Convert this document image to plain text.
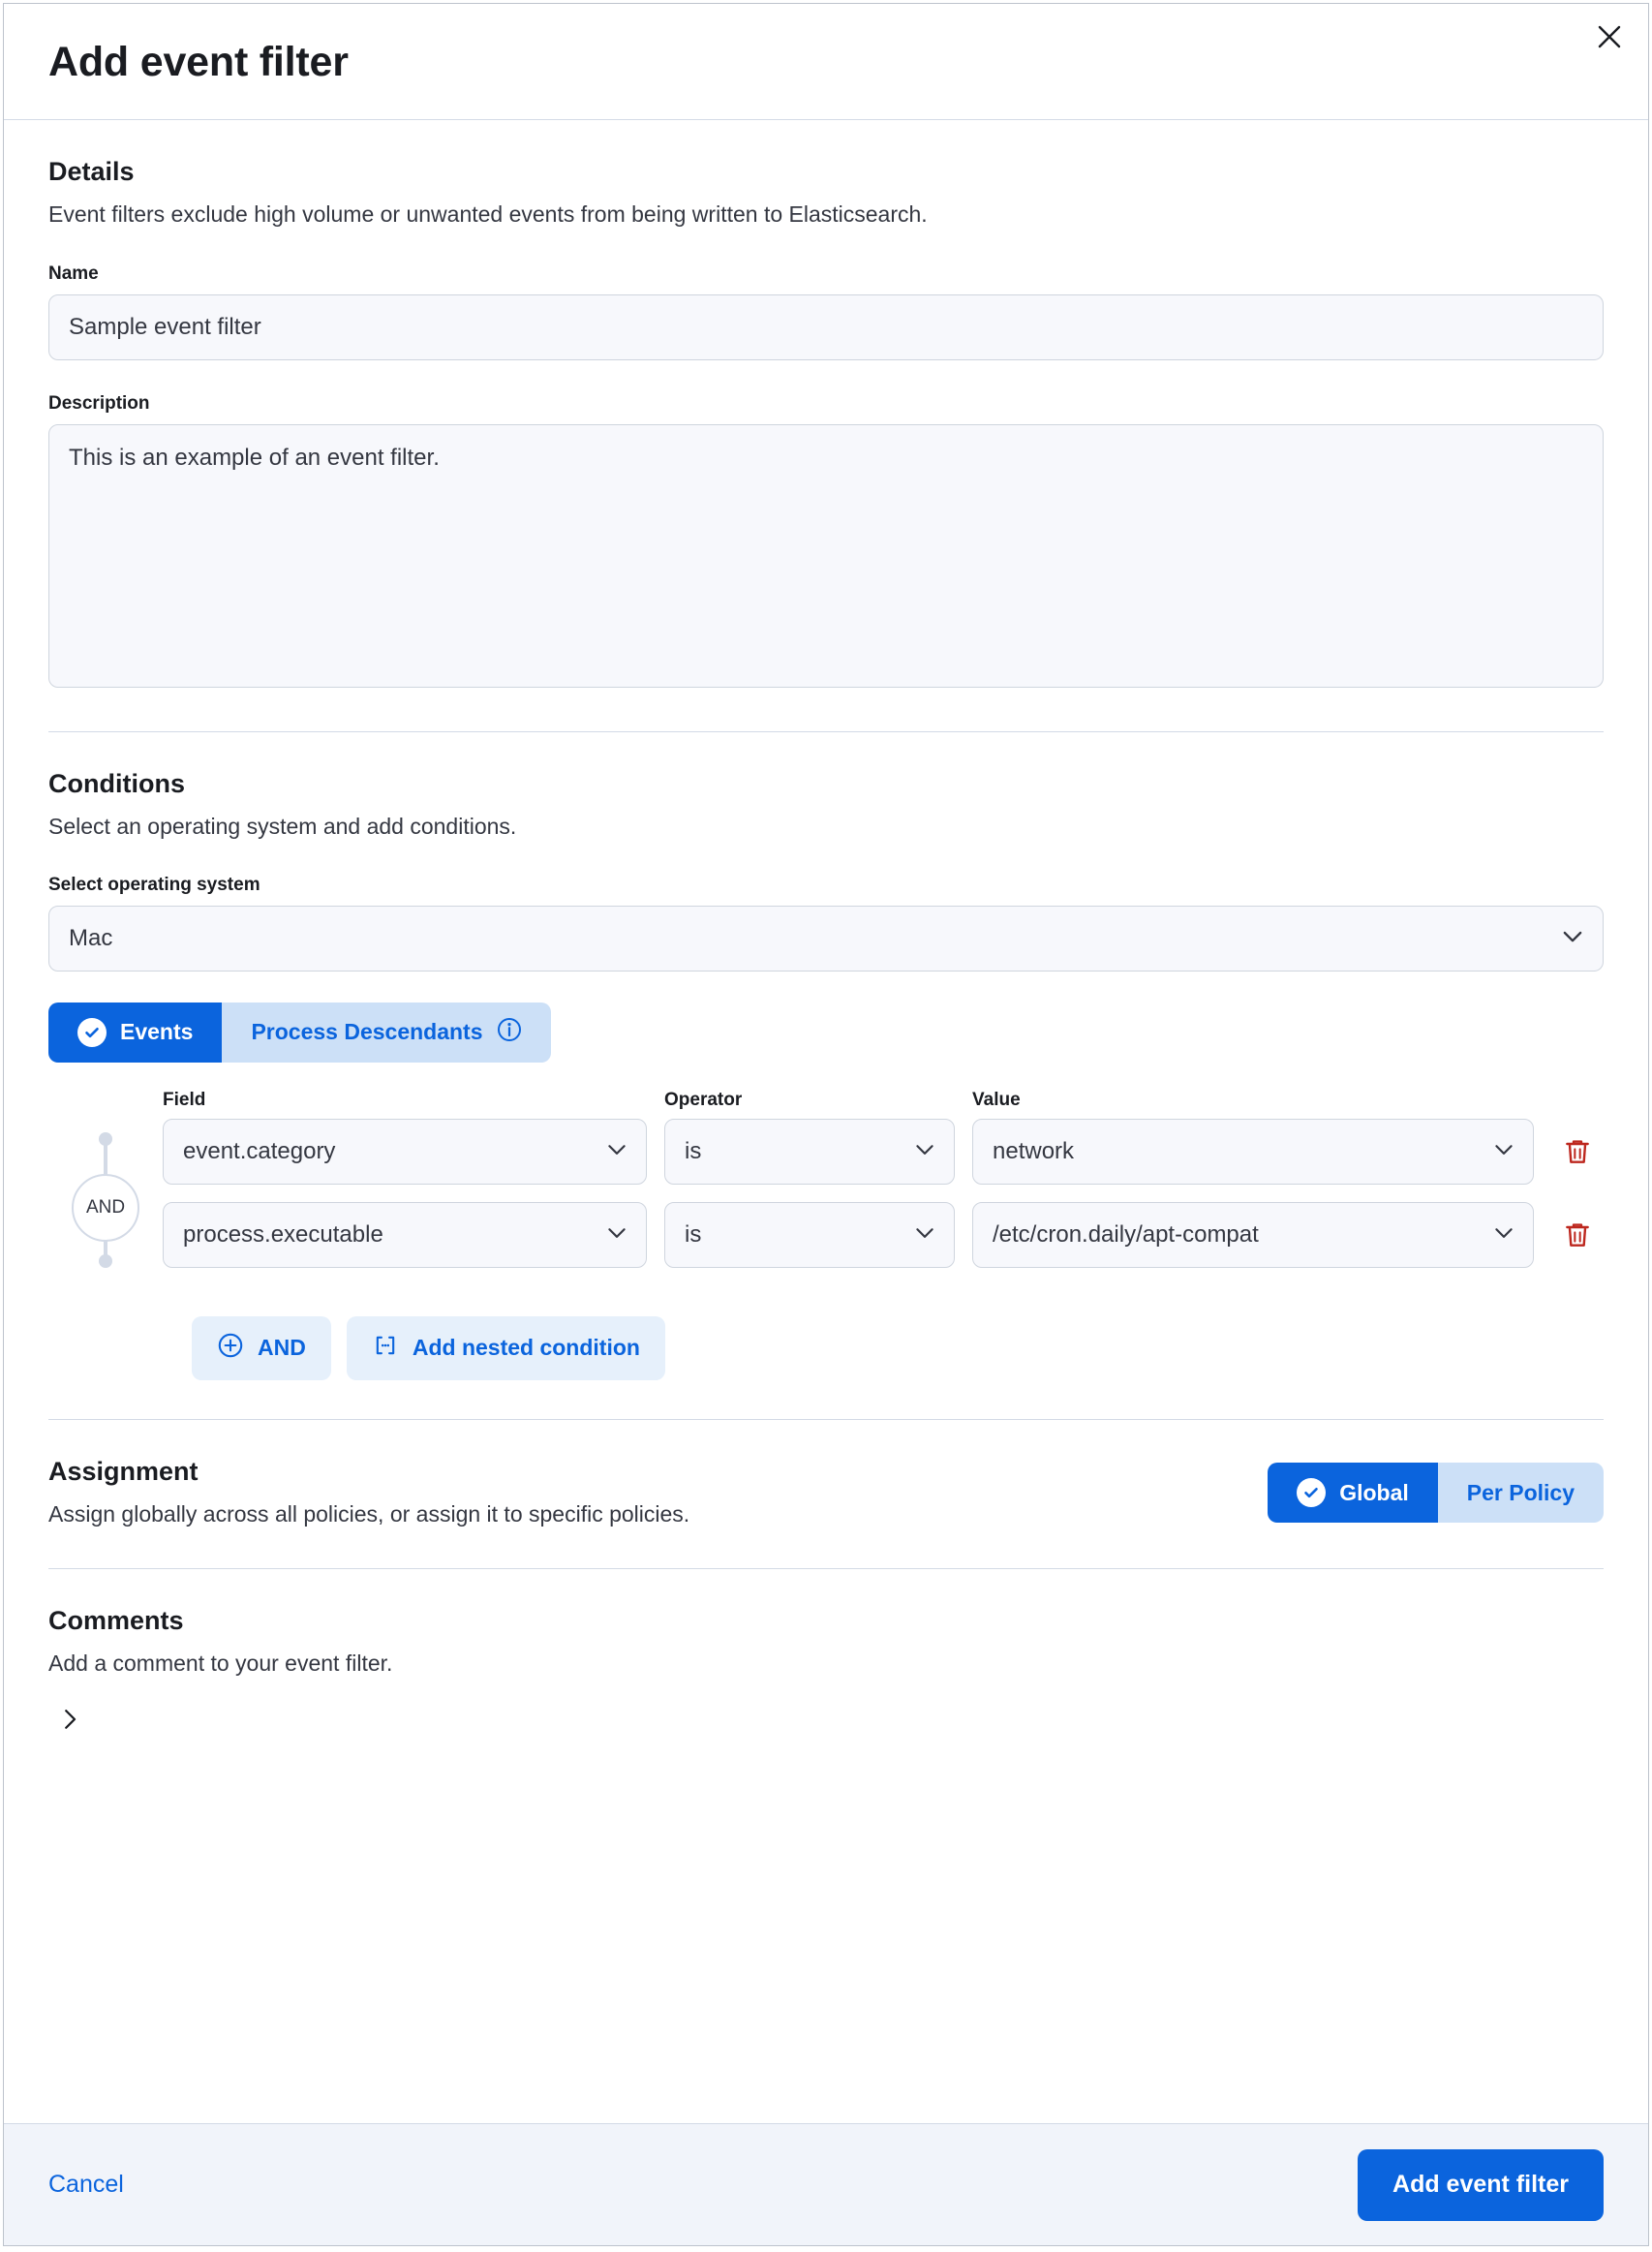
Add event filter
Details

Event filters exclude high volume or unwanted events from being written to Elasticsearch.

Name
Sample event filter
Description
This is an example of an event filter.
Conditions

Select an operating system and add conditions.

Select operating system
Mac
Events	Process Descendants
AND
Field	Operator	Value
event.category	is	network
process.executable	is	/etc/cron.daily/apt-compat
AND	Add nested condition
Assignment

Assign globally across all policies, or assign it to specific policies.

Global	Per Policy
Comments

Add a comment to your event filter.

Cancel	Add event filter
